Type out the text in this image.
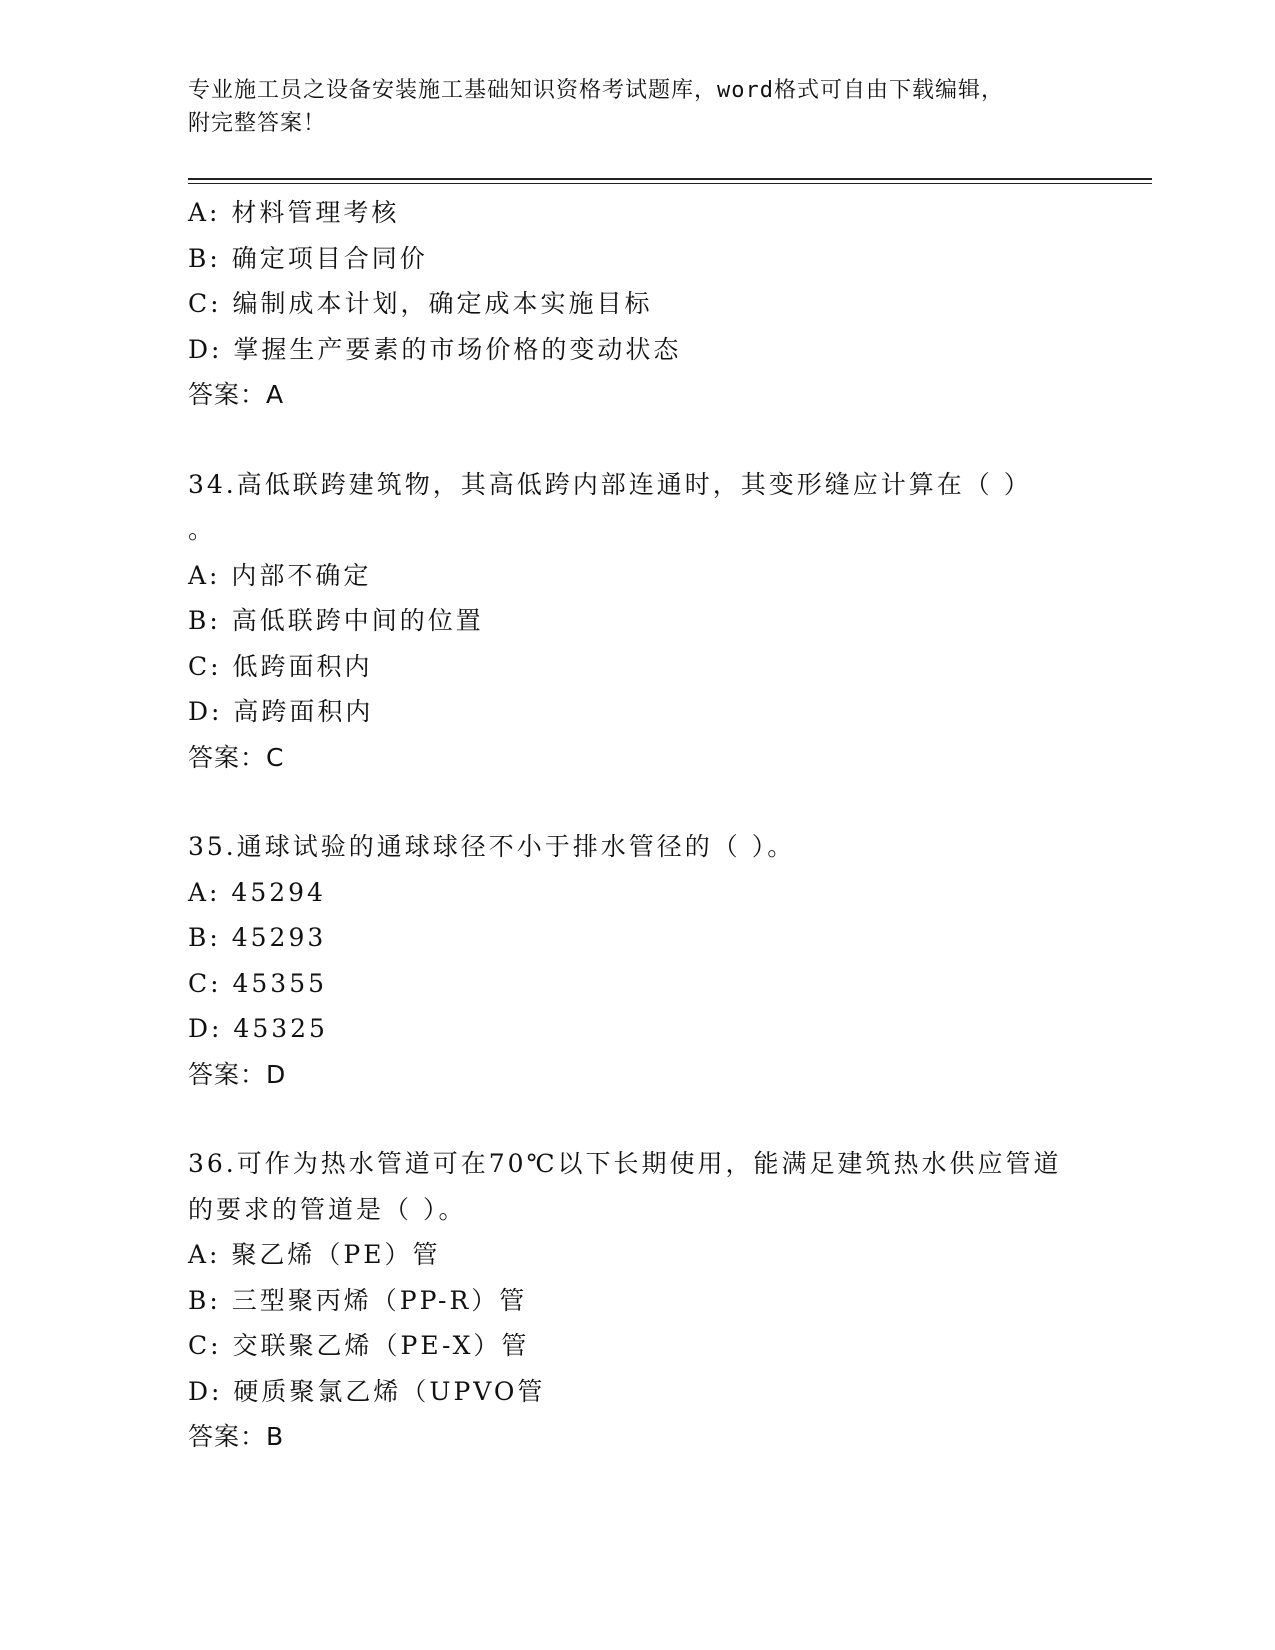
专业施工员之设备安装施工基础知识资格考试题库，word格式可自由下载编辑，
附完整答案！
A: 材料管理考核
B: 确定项目合同价
C: 编制成本计划，确定成本实施目标
D: 掌握生产要素的市场价格的变动状态
答案：A
34.高低联跨建筑物，其高低跨内部连通时，其变形缝应计算在（ ）
。
A: 内部不确定
B: 高低联跨中间的位置
C: 低跨面积内
D: 高跨面积内
答案：C
35.通球试验的通球球径不小于排水管径的（ ）。
A: 45294
B: 45293
C: 45355
D: 45325
答案：D
36.可作为热水管道可在70℃以下长期使用，能满足建筑热水供应管道
的要求的管道是（ ）。
A: 聚乙烯（PE）管
B: 三型聚丙烯（PP-R）管
C: 交联聚乙烯（PE-X）管
D: 硬质聚氯乙烯（UPVO管
答案：B
